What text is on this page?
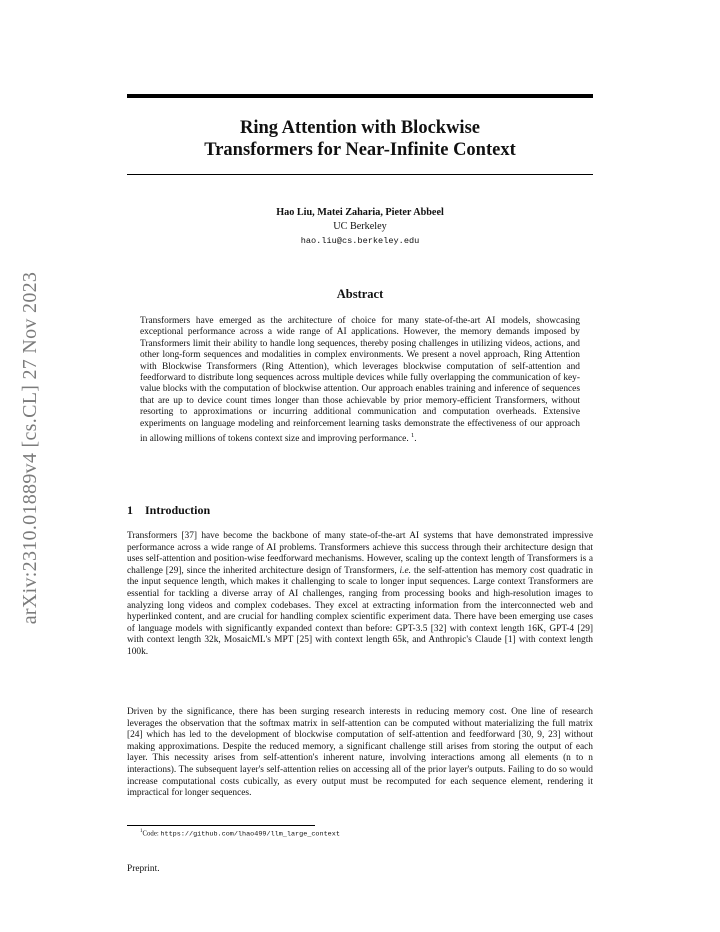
arXiv:2310.01889v4 [cs.CL] 27 Nov 2023
Ring Attention with Blockwise
Transformers for Near-Infinite Context
Hao Liu, Matei Zaharia, Pieter Abbeel
UC Berkeley
hao.liu@cs.berkeley.edu
Abstract
Transformers have emerged as the architecture of choice for many state-of-the-art AI models, showcasing exceptional performance across a wide range of AI applications. However, the memory demands imposed by Transformers limit their ability to handle long sequences, thereby posing challenges in utilizing videos, actions, and other long-form sequences and modalities in complex environments. We present a novel approach, Ring Attention with Blockwise Transformers (Ring Attention), which leverages blockwise computation of self-attention and feedforward to distribute long sequences across multiple devices while fully overlapping the communication of key-value blocks with the computation of blockwise attention. Our approach enables training and inference of sequences that are up to device count times longer than those achievable by prior memory-efficient Transformers, without resorting to approximations or incurring additional communication and computation overheads. Extensive experiments on language modeling and reinforcement learning tasks demonstrate the effectiveness of our approach in allowing millions of tokens context size and improving performance. $^1$.
1 Introduction
Transformers [37] have become the backbone of many state-of-the-art AI systems that have demonstrated impressive performance across a wide range of AI problems. Transformers achieve this success through their architecture design that uses self-attention and position-wise feedforward mechanisms. However, scaling up the context length of Transformers is a challenge [29], since the inherited architecture design of Transformers, i.e. the self-attention has memory cost quadratic in the input sequence length, which makes it challenging to scale to longer input sequences. Large context Transformers are essential for tackling a diverse array of AI challenges, ranging from processing books and high-resolution images to analyzing long videos and complex codebases. They excel at extracting information from the interconnected web and hyperlinked content, and are crucial for handling complex scientific experiment data. There have been emerging use cases of language models with significantly expanded context than before: GPT-3.5 [32] with context length 16K, GPT-4 [29] with context length 32k, MosaicML's MPT [25] with context length 65k, and Anthropic's Claude [1] with context length 100k.
Driven by the significance, there has been surging research interests in reducing memory cost. One line of research leverages the observation that the softmax matrix in self-attention can be computed without materializing the full matrix [24] which has led to the development of blockwise computation of self-attention and feedforward [30, 9, 23] without making approximations. Despite the reduced memory, a significant challenge still arises from storing the output of each layer. This necessity arises from self-attention's inherent nature, involving interactions among all elements (n to n interactions). The subsequent layer's self-attention relies on accessing all of the prior layer's outputs. Failing to do so would increase computational costs cubically, as every output must be recomputed for each sequence element, rendering it impractical for longer sequences.
$^1$Code: https://github.com/lhao499/llm_large_context
Preprint.
